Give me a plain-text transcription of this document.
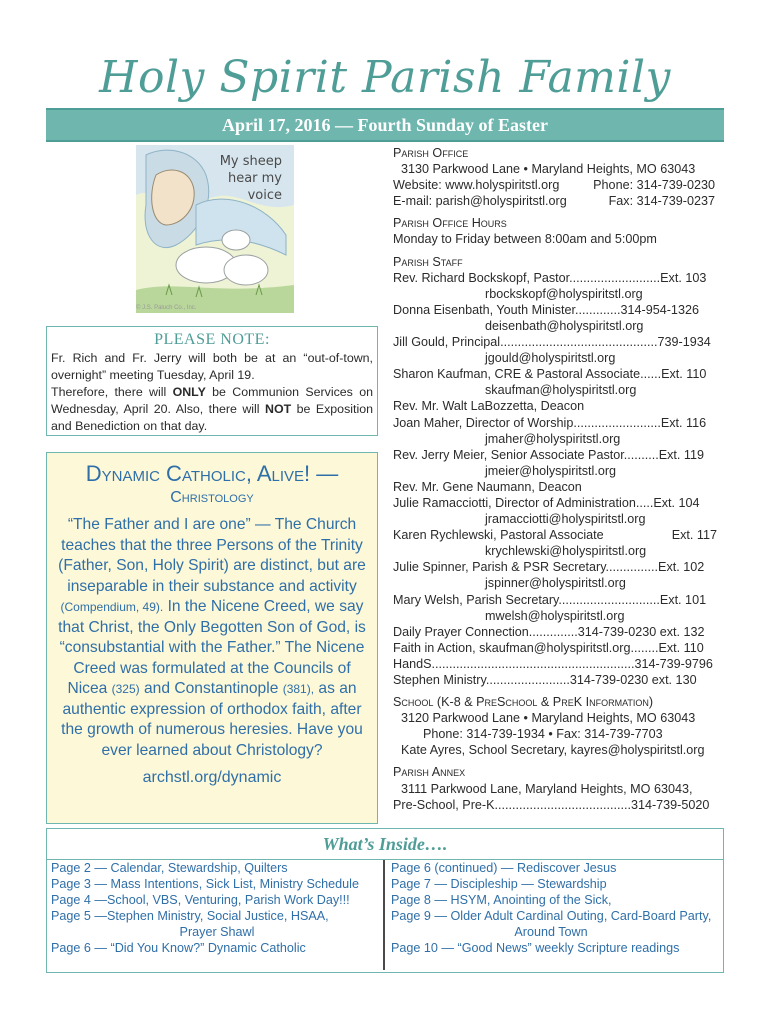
Holy Spirit Parish Family
April 17, 2016 — Fourth Sunday of Easter
My sheep
hear my
voice
© J.S. Paluch Co., Inc.
PLEASE NOTE:

Fr. Rich and Fr. Jerry will both be at an “out-of-town, overnight” meeting Tuesday, April 19.

Therefore, there will ONLY be Communion Services on Wednesday, April 20. Also, there will NOT be Exposition and Benediction on that day.

Dynamic Catholic, Alive! —
Christology

“The Father and I are one” — The Church teaches that the three Persons of the Trinity (Father, Son, Holy Spirit) are distinct, but are inseparable in their substance and activity (Compendium, 49). In the Nicene Creed, we say that Christ, the Only Begotten Son of God, is “consubstantial with the Father.” The Nicene Creed was formulated at the Councils of Nicea (325) and Constantinople (381), as an authentic expression of orthodox faith, after the growth of numerous heresies. Have you ever learned about Christology?

archstl.org/dynamic
Parish Office
3130 Parkwood Lane • Maryland Heights, MO 63043
Website: www.holyspiritstl.org	Phone: 314-739-0230
E-mail: parish@holyspiritstl.org	Fax: 314-739-0237
Parish Office Hours
Monday to Friday between 8:00am and 5:00pm
Parish Staff
Rev. Richard Bockskopf, Pastor..........................Ext. 103
rbockskopf@holyspiritstl.org
Donna Eisenbath, Youth Minister.............314-954-1326
deisenbath@holyspiritstl.org
Jill Gould, Principal.............................................739-1934
jgould@holyspiritstl.org
Sharon Kaufman, CRE & Pastoral Associate......Ext. 110
skaufman@holyspiritstl.org
Rev. Mr. Walt LaBozzetta, Deacon
Joan Maher, Director of Worship.........................Ext. 116
jmaher@holyspiritstl.org
Rev. Jerry Meier, Senior Associate Pastor..........Ext. 119
jmeier@holyspiritstl.org
Rev. Mr. Gene Naumann, Deacon
Julie Ramacciotti, Director of Administration.....Ext. 104
jramacciotti@holyspiritstl.org
Karen Rychlewski, Pastoral Associate	Ext. 117
krychlewski@holyspiritstl.org
Julie Spinner, Parish & PSR Secretary...............Ext. 102
jspinner@holyspiritstl.org
Mary Welsh, Parish Secretary.............................Ext. 101
mwelsh@holyspiritstl.org
Daily Prayer Connection..............314-739-0230 ext. 132
Faith in Action, skaufman@holyspiritstl.org........Ext. 110
HandS..........................................................314-739-9796
Stephen Ministry........................314-739-0230 ext. 130
School (K-8 & PreSchool & PreK Information)
3120 Parkwood Lane • Maryland Heights, MO 63043
Phone: 314-739-1934 • Fax: 314-739-7703
Kate Ayres, School Secretary, kayres@holyspiritstl.org
Parish Annex
3111 Parkwood Lane, Maryland Heights, MO 63043,
Pre-School, Pre-K.......................................314-739-5020
What’s Inside….
Page 2 — Calendar, Stewardship, Quilters
Page 3 — Mass Intentions, Sick List, Ministry Schedule
Page 4 —School, VBS, Venturing, Parish Work Day!!!
Page 5 —Stephen Ministry, Social Justice, HSAA,
Prayer Shawl
Page 6 — “Did You Know?” Dynamic Catholic
Page 6 (continued) — Rediscover Jesus
Page 7 — Discipleship — Stewardship
Page 8 — HSYM, Anointing of the Sick,
Page 9 — Older Adult Cardinal Outing, Card-Board Party,
Around Town
Page 10 — “Good News” weekly Scripture readings
